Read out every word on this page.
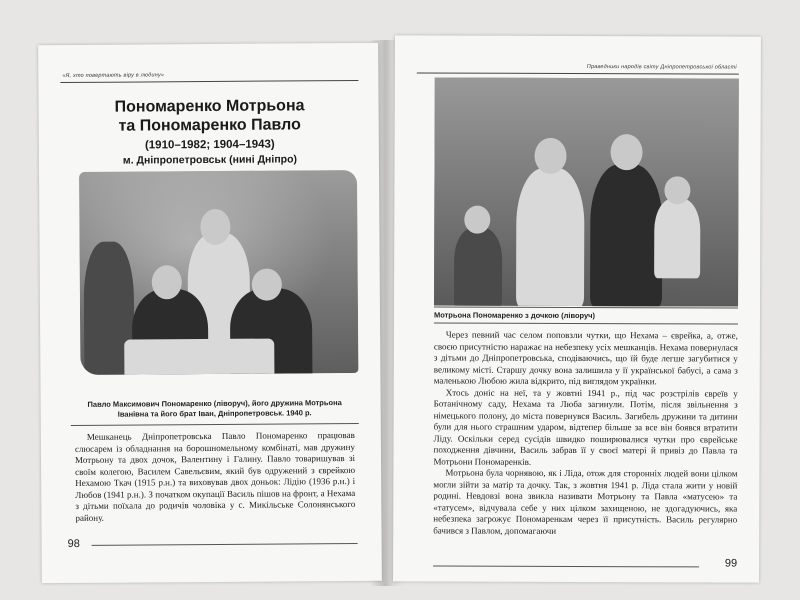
«Я, хто повертають віру в людину»
Пономаренко Мотрьона
та Пономаренко Павло
(1910–1982; 1904–1943)
м. Дніпропетровськ (нині Дніпро)
Павло Максимович Пономаренко (ліворуч), його дружина Мотрьона Іванівна та його брат Іван, Дніпропетровськ. 1940 р.

Мешканець Дніпропетровська Павло Пономаренко працював слюсарем із обладнання на борошномельному комбінаті, мав дружину Мотрьону та двох дочок, Валентину і Галину. Павло товаришував зі своїм колегою, Василем Савельєвим, який був одружений з єврейкою Нехамою Ткач (1915 р.н.) та виховував двох доньок: Лідію (1936 р.н.) і Любов (1941 р.н.). З початком окупації Василь пішов на фронт, а Нехама з дітьми поїхала до родичів чоловіка у с. Микільське Солонянського району.

98
Праведники народів світу Дніпропетровської області
Мотрьона Пономаренко з дочкою (ліворуч)

Через певний час селом поповзли чутки, що Нехама – єврейка, а, отже, своєю присутністю наражає на небезпеку усіх мешканців. Нехама повернулася з дітьми до Дніпропетровська, сподіваючись, що їй буде легше загубитися у великому місті. Старшу дочку вона залишила у її української бабусі, а сама з маленькою Любою жила відкрито, під виглядом українки.

Хтось доніс на неї, та у жовтні 1941 р., під час розстрілів євреїв у Ботанічному саду, Нехама та Люба загинули. Потім, після звільнення з німецького полону, до міста повернувся Василь. Загибель дружини та дитини були для нього страшним ударом, відтепер більше за все він боявся втратити Ліду. Оскільки серед сусідів швидко поширювалися чутки про єврейське походження дівчини, Василь забрав її у своєї матері й привіз до Павла та Мотрьони Пономаренків.

Мотрьона була чорнявою, як і Ліда, отож для сторонніх людей вони цілком могли зійти за матір та дочку. Так, з жовтня 1941 р. Ліда стала жити у новій родині. Невдовзі вона звикла називати Мотрьону та Павла «матусею» та «татусем», відчувала себе у них цілком захищеною, не здогадуючись, яка небезпека загрожує Пономаренкам через її присутність. Василь регулярно бачився з Павлом, допомагаючи

99
